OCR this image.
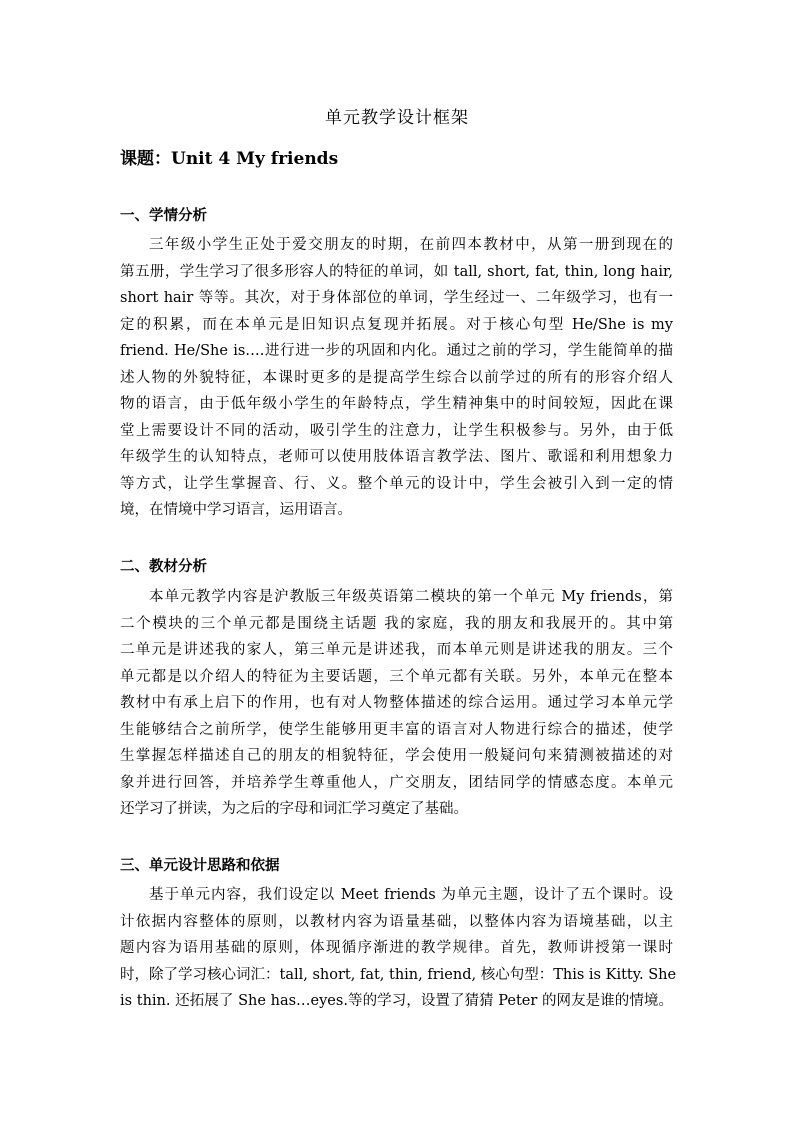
单元教学设计框架
课题：Unit 4 My friends
一、学情分析
三年级小学生正处于爱交朋友的时期，在前四本教材中，从第一册到现在的
第五册，学生学习了很多形容人的特征的单词，如 tall, short, fat, thin, long hair,
short hair 等等。其次，对于身体部位的单词，学生经过一、二年级学习，也有一
定的积累，而在本单元是旧知识点复现并拓展。对于核心句型 He/She is my
friend. He/She is….进行进一步的巩固和内化。通过之前的学习，学生能简单的描
述人物的外貌特征，本课时更多的是提高学生综合以前学过的所有的形容介绍人
物的语言，由于低年级小学生的年龄特点，学生精神集中的时间较短，因此在课
堂上需要设计不同的活动，吸引学生的注意力，让学生积极参与。另外，由于低
年级学生的认知特点，老师可以使用肢体语言教学法、图片、歌谣和利用想象力
等方式，让学生掌握音、行、义。整个单元的设计中，学生会被引入到一定的情
境，在情境中学习语言，运用语言。
二、教材分析
本单元教学内容是沪教版三年级英语第二模块的第一个单元 My friends，第
二个模块的三个单元都是围绕主话题 我的家庭，我的朋友和我展开的。其中第
二单元是讲述我的家人，第三单元是讲述我，而本单元则是讲述我的朋友。三个
单元都是以介绍人的特征为主要话题，三个单元都有关联。另外，本单元在整本
教材中有承上启下的作用，也有对人物整体描述的综合运用。通过学习本单元学
生能够结合之前所学，使学生能够用更丰富的语言对人物进行综合的描述，使学
生掌握怎样描述自己的朋友的相貌特征，学会使用一般疑问句来猜测被描述的对
象并进行回答，并培养学生尊重他人，广交朋友，团结同学的情感态度。本单元
还学习了拼读，为之后的字母和词汇学习奠定了基础。
三、单元设计思路和依据
基于单元内容，我们设定以 Meet friends 为单元主题，设计了五个课时。设
计依据内容整体的原则，以教材内容为语量基础，以整体内容为语境基础，以主
题内容为语用基础的原则，体现循序渐进的教学规律。首先，教师讲授第一课时
时，除了学习核心词汇：tall, short, fat, thin, friend, 核心句型：This is Kitty. She
is thin. 还拓展了 She has…eyes.等的学习，设置了猜猜 Peter 的网友是谁的情境。
